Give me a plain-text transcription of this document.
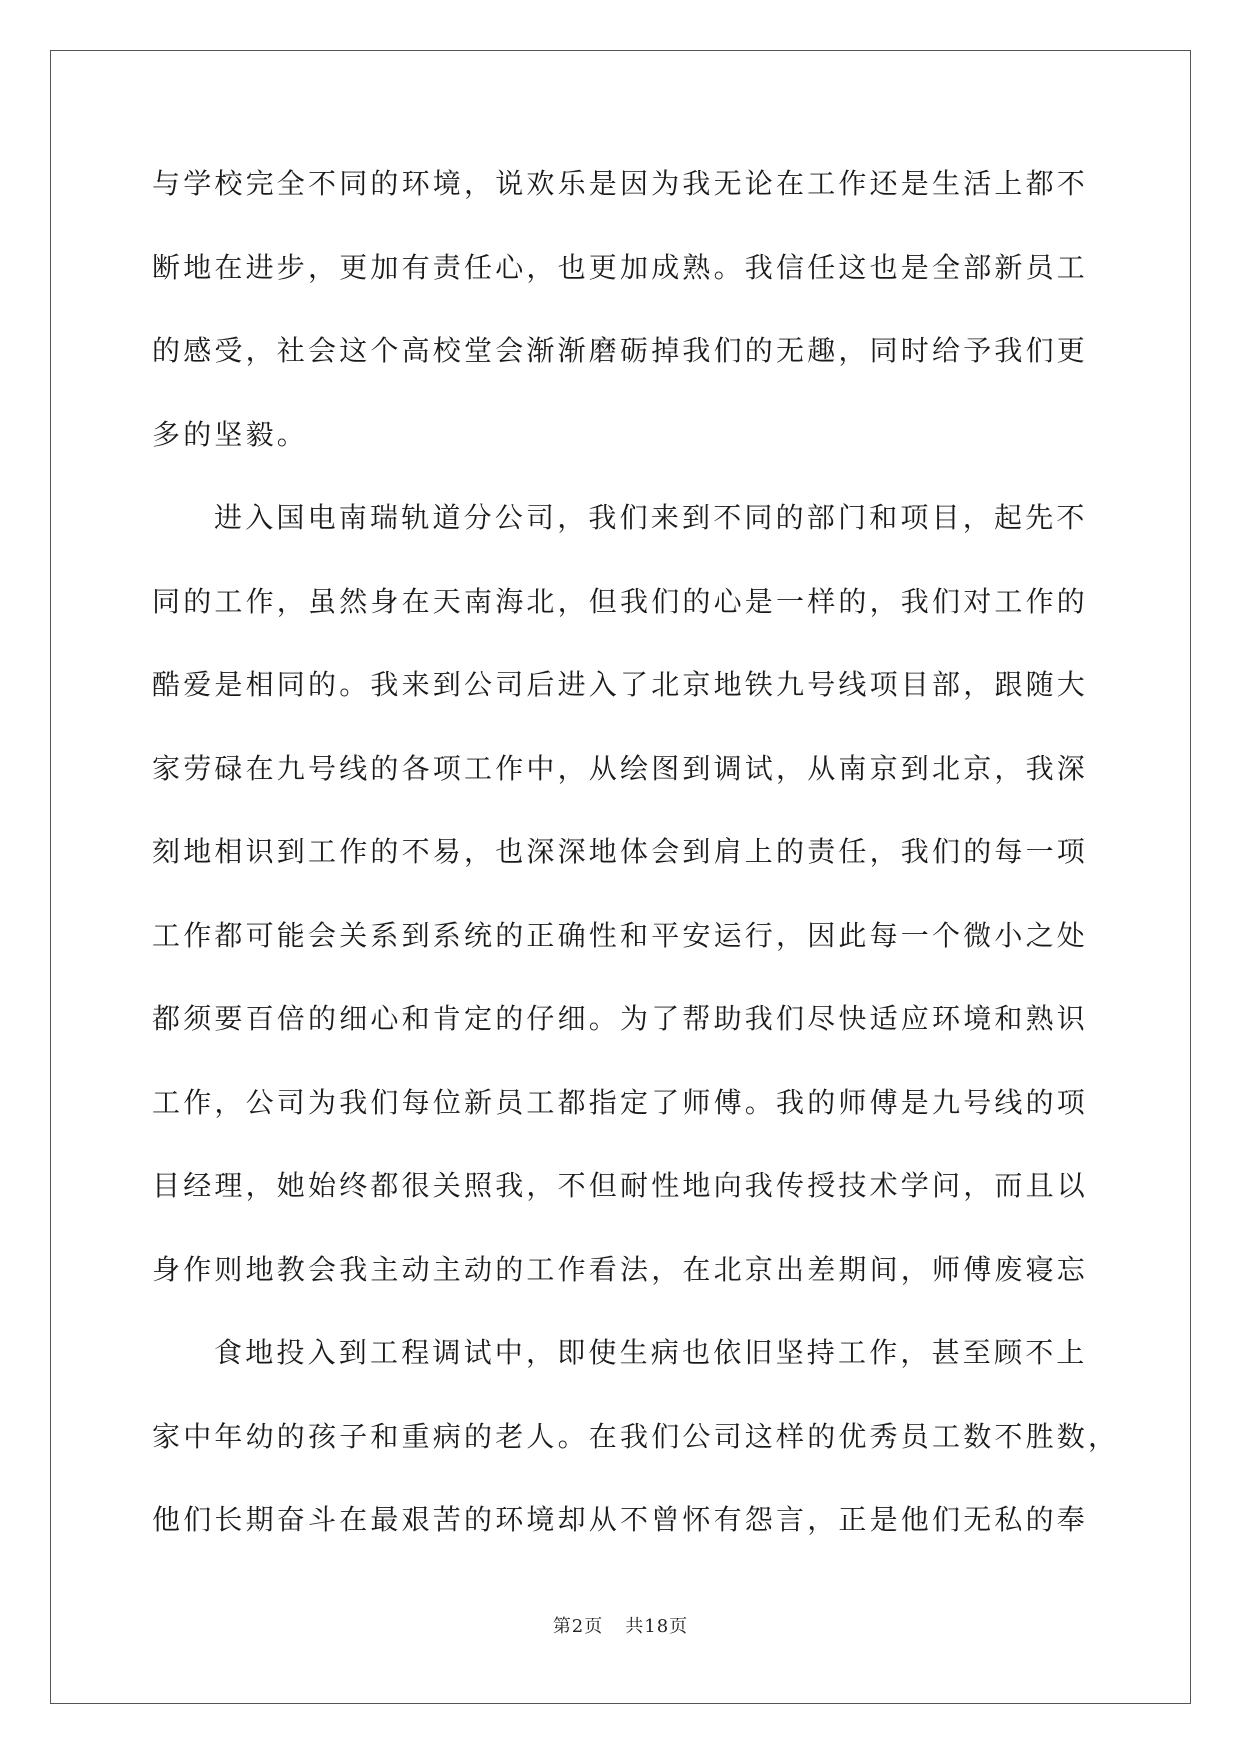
与学校完全不同的环境，说欢乐是因为我无论在工作还是生活上都不
断地在进步，更加有责任心，也更加成熟。我信任这也是全部新员工
的感受，社会这个高校堂会渐渐磨砺掉我们的无趣，同时给予我们更
多的坚毅。
进入国电南瑞轨道分公司，我们来到不同的部门和项目，起先不
同的工作，虽然身在天南海北，但我们的心是一样的，我们对工作的
酷爱是相同的。我来到公司后进入了北京地铁九号线项目部，跟随大
家劳碌在九号线的各项工作中，从绘图到调试，从南京到北京，我深
刻地相识到工作的不易，也深深地体会到肩上的责任，我们的每一项
工作都可能会关系到系统的正确性和平安运行，因此每一个微小之处
都须要百倍的细心和肯定的仔细。为了帮助我们尽快适应环境和熟识
工作，公司为我们每位新员工都指定了师傅。我的师傅是九号线的项
目经理，她始终都很关照我，不但耐性地向我传授技术学问，而且以
身作则地教会我主动主动的工作看法，在北京出差期间，师傅废寝忘
食地投入到工程调试中，即使生病也依旧坚持工作，甚至顾不上
家中年幼的孩子和重病的老人。在我们公司这样的优秀员工数不胜数，
他们长期奋斗在最艰苦的环境却从不曾怀有怨言，正是他们无私的奉
第2页 共18页
